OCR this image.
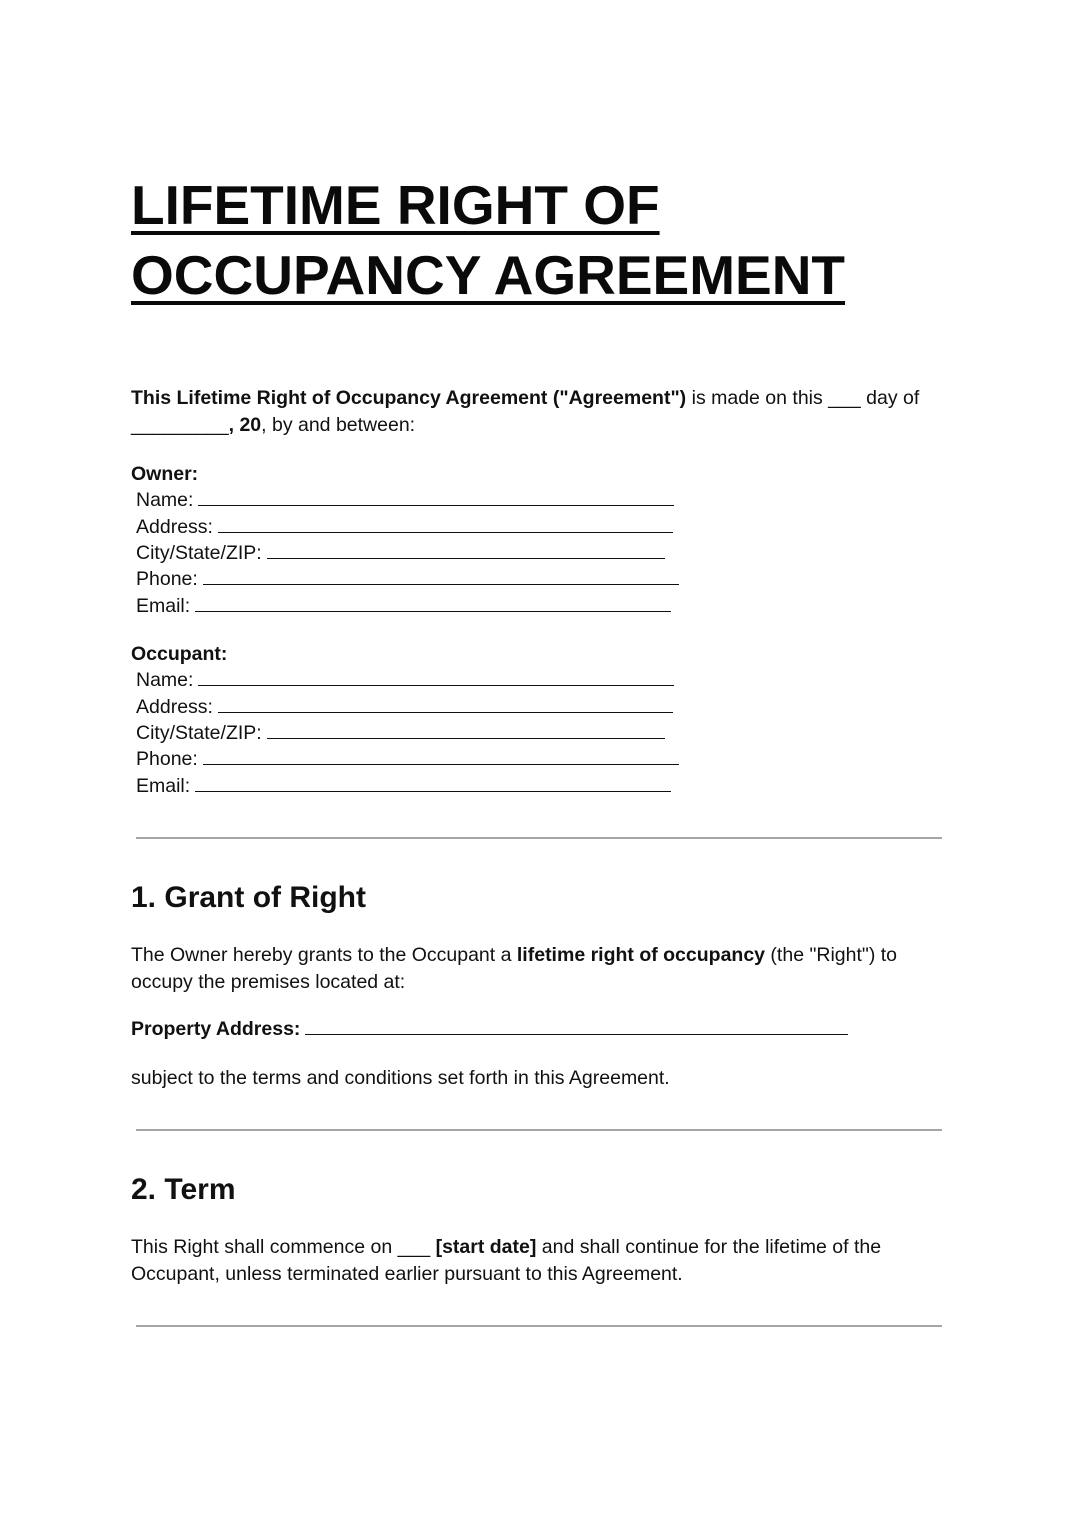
LIFETIME RIGHT OF
OCCUPANCY AGREEMENT

This Lifetime Right of Occupancy Agreement ("Agreement") is made on this ___ day of
_________, 20, by and between:

Owner:
Name:
Address:
City/State/ZIP:
Phone:
Email:
Occupant:
Name:
Address:
City/State/ZIP:
Phone:
Email:
1. Grant of Right

The Owner hereby grants to the Occupant a lifetime right of occupancy (the "Right") to occupy the premises located at:

Property Address:

subject to the terms and conditions set forth in this Agreement.

2. Term

This Right shall commence on ___ [start date] and shall continue for the lifetime of the Occupant, unless terminated earlier pursuant to this Agreement.
